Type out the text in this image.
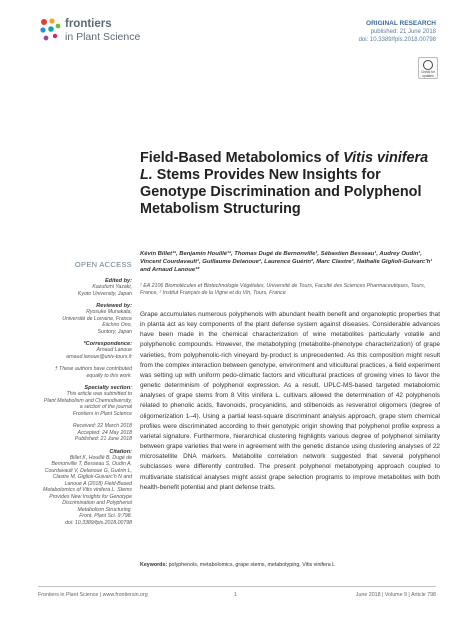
frontiers
in Plant Science
ORIGINAL RESEARCH
published: 21 June 2018
doi: 10.3389/fpls.2018.00798
Check for updates
Field-Based Metabolomics of Vitis vinifera L. Stems Provides New Insights for Genotype Discrimination and Polyphenol Metabolism Structuring
Kévin Billet¹², Benjamin Houillé¹², Thomas Dugé de Bernonville¹, Sébastien Besseau¹, Audrey Oudin¹, Vincent Courdavault¹, Guillaume Delanoue², Laurence Guérin², Marc Clastre¹, Nathalie Giglioli-Guivarc'h¹ and Arnaud Lanoue¹*
¹ EA 2106 Biomolécules et Biotechnologie Végétales, Université de Tours, Faculté des Sciences Pharmaceutiques, Tours, France, ² Institut Français de la Vigne et du Vin, Tours, France
Grape accumulates numerous polyphenols with abundant health benefit and organoleptic properties that in planta act as key components of the plant defense system against diseases. Considerable advances have been made in the chemical characterization of wine metabolites particularly volatile and polyphenolic compounds. However, the metabotyping (metabolite-phenotype characterization) of grape varieties, from polyphenolic-rich vineyard by-product is unprecedented. As this composition might result from the complex interaction between genotype, environment and viticultural practices, a field experiment was setting up with uniform pedo-climatic factors and viticultural practices of growing vines to favor the genetic determinism of polyphenol expression. As a result, UPLC-MS-based targeted metabolomic analyses of grape stems from 8 Vitis vinifera L. cultivars allowed the determination of 42 polyphenols related to phenolic acids, flavonoids, procyanidins, and stilbenoids as resveratrol oligomers (degree of oligomerization 1–4). Using a partial least-square discriminant analysis approach, grape stem chemical profiles were discriminated according to their genotypic origin showing that polyphenol profile express a varietal signature. Furthermore, hierarchical clustering highlights various degree of polyphenol similarity between grape varieties that were in agreement with the genetic distance using clustering analyses of 22 microsatellite DNA markers. Metabolite correlation network suggested that several polyphenol subclasses were differently controlled. The present polyphenol metabotyping approach coupled to multivariate statistical analyses might assist grape selection programs to improve metabolites with both health-benefit potential and plant defense traits.
Keywords: polyphenols, metabolomics, grape stems, metabotyping, Vitis vinifera L
OPEN ACCESS
Edited by:
Kazufumi Yazaki,
Kyoto University, Japan
Reviewed by:
Ryosuke Munakata,
Université de Lorraine, France
Eiichiro Ono,
Suntory, Japan
*Correspondence:
Arnaud Lanoue
arnaud.lanoue@univ-tours.fr
† These authors have contributed
equally to this work.
Specialty section:
This article was submitted to
Plant Metabolism and Chemodiversity,
a section of the journal
Frontiers in Plant Science
Received: 22 March 2018
Accepted: 24 May 2018
Published: 21 June 2018
Citation:
Billet K, Houillé B, Dugé de
Bernonville T, Besseau S, Oudin A,
Courdavault V, Delanoue G, Guérin L,
Clastre M, Giglioli-Guivarc'h N and
Lanoue A (2018) Field-Based
Metabolomics of Vitis vinifera L. Stems
Provides New Insights for Genotype
Discrimination and Polyphenol
Metabolism Structuring.
Front. Plant Sci. 9:798.
doi: 10.3389/fpls.2018.00798
Frontiers in Plant Science | www.frontiersin.org	1	June 2018 | Volume 9 | Article 798
